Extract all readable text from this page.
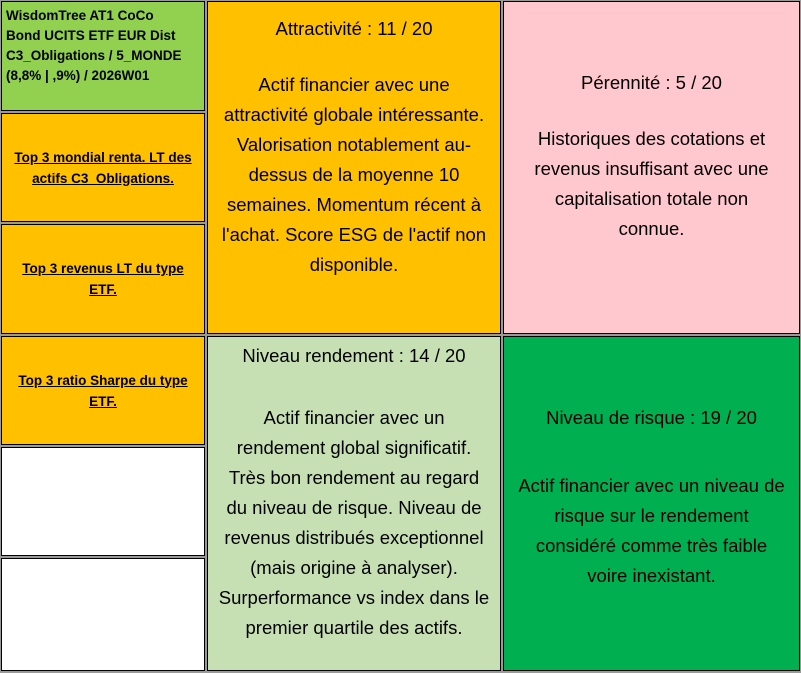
WisdomTree AT1 CoCo
Bond UCITS ETF EUR Dist
C3_Obligations / 5_MONDE
(8,8% | ,9%) / 2026W01
Top 3 mondial renta. LT des
actifs C3_Obligations.
Top 3 revenus LT du type
ETF.
Top 3 ratio Sharpe du type
ETF.

Attractivité : 11 / 20

Actif financier avec une

attractivité globale intéressante.

Valorisation notablement au-

dessus de la moyenne 10

semaines. Momentum récent à

l'achat. Score ESG de l'actif non

disponible.

Pérennité : 5 / 20

Historiques des cotations et

revenus insuffisant avec une

capitalisation totale non

connue.

Niveau rendement : 14 / 20

Actif financier avec un

rendement global significatif.

Très bon rendement au regard

du niveau de risque. Niveau de

revenus distribués exceptionnel

(mais origine à analyser).

Surperformance vs index dans le

premier quartile des actifs.

Niveau de risque : 19 / 20

Actif financier avec un niveau de

risque sur le rendement

considéré comme très faible

voire inexistant.
